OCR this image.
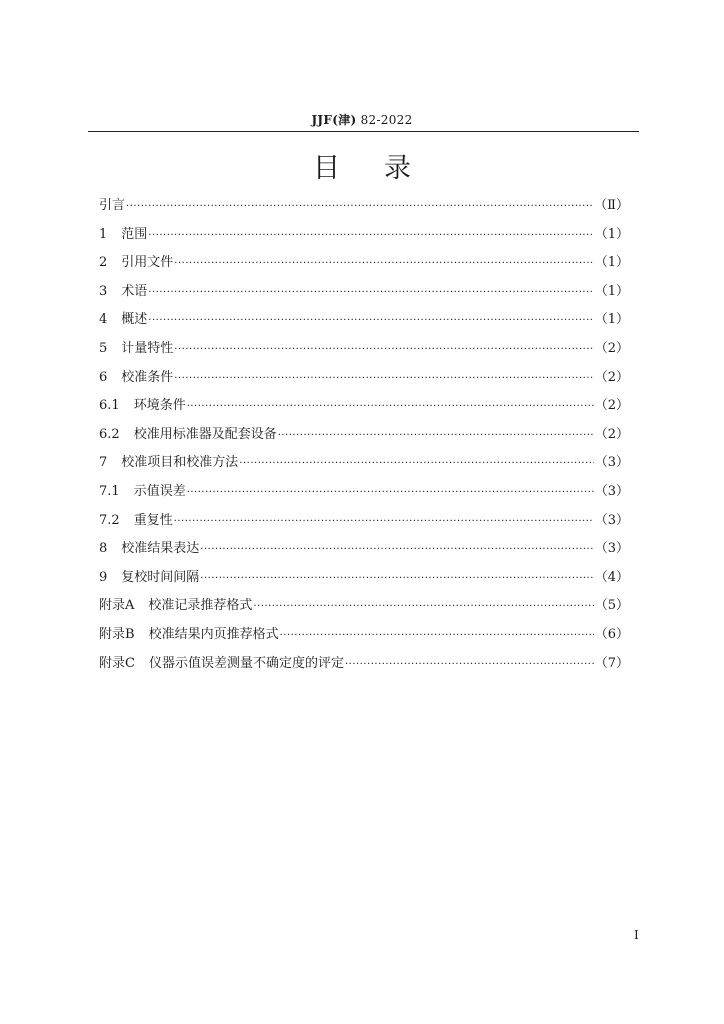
JJF(津) 82-2022
目录
引言 ·····	（Ⅱ）
1 范围 ·····	（1）
2 引用文件 ·····	（1）
3 术语 ·····	（1）
4 概述 ·····	（1）
5 计量特性 ·····	（2）
6 校准条件 ·····	（2）
6.1 环境条件 ·····	（2）
6.2 校准用标准器及配套设备 ·····	（2）
7 校准项目和校准方法 ·····	（3）
7.1 示值误差 ·····	（3）
7.2 重复性 ·····	（3）
8 校准结果表达 ·····	（3）
9 复校时间间隔 ·····	（4）
附录A 校准记录推荐格式 ·····	（5）
附录B 校准结果内页推荐格式 ·····	（6）
附录C 仪器示值误差测量不确定度的评定 ·····	（7）
Ⅰ
